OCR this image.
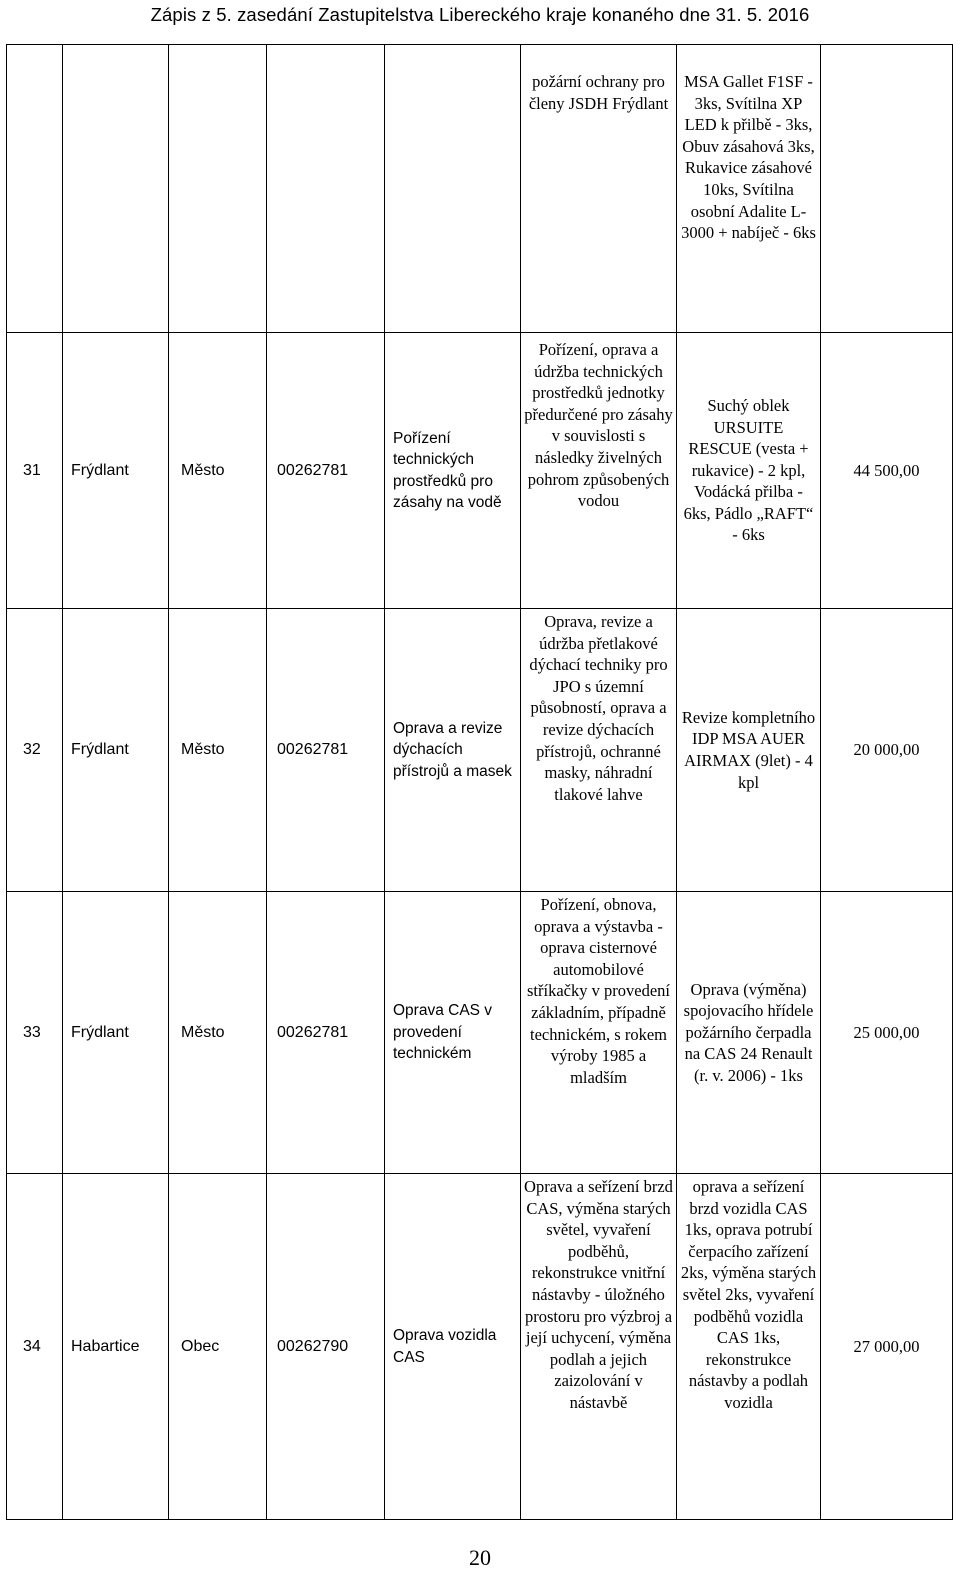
Zápis z 5. zasedání Zastupitelstva Libereckého kraje konaného dne 31. 5. 2016

					požární ochrany pro členy JSDH Frýdlant	MSA Gallet F1SF - 3ks, Svítilna XP LED k přilbě - 3ks, Obuv zásahová 3ks, Rukavice zásahové 10ks, Svítilna osobní Adalite L-3000 + nabíječ - 6ks	

31	Frýdlant	Město	00262781	Pořízení technických prostředků pro zásahy na vodě	Pořízení, oprava a údržba technických prostředků jednotky předurčené pro zásahy v souvislosti s následky živelných pohrom způsobených vodou	Suchý oblek URSUITE RESCUE (vesta + rukavice) - 2 kpl, Vodácká přilba - 6ks, Pádlo „RAFT“ - 6ks	44 500,00
32	Frýdlant	Město	00262781	Oprava a revize dýchacích přístrojů a masek	Oprava, revize a údržba přetlakové dýchací techniky pro JPO s územní působností, oprava a revize dýchacích přístrojů, ochranné masky, náhradní tlakové lahve	Revize kompletního IDP MSA AUER AIRMAX (9let) - 4 kpl	20 000,00
33	Frýdlant	Město	00262781	Oprava CAS v provedení technickém	Pořízení, obnova, oprava a výstavba - oprava cisternové automobilové stříkačky v provedení základním, případně technickém, s rokem výroby 1985 a mladším	Oprava (výměna) spojovacího hřídele požárního čerpadla na CAS 24 Renault (r. v. 2006) - 1ks	25 000,00
34	Habartice	Obec	00262790	Oprava vozidla CAS	Oprava a seřízení brzd CAS, výměna starých světel, vyvaření podběhů, rekonstrukce vnitřní nástavby - úložného prostoru pro výzbroj a její uchycení, výměna podlah a jejich zaizolování v nástavbě	oprava a seřízení brzd vozidla CAS 1ks, oprava potrubí čerpacího zařízení 2ks, výměna starých světel 2ks, vyvaření podběhů vozidla CAS 1ks, rekonstrukce nástavby a podlah vozidla	27 000,00
20
